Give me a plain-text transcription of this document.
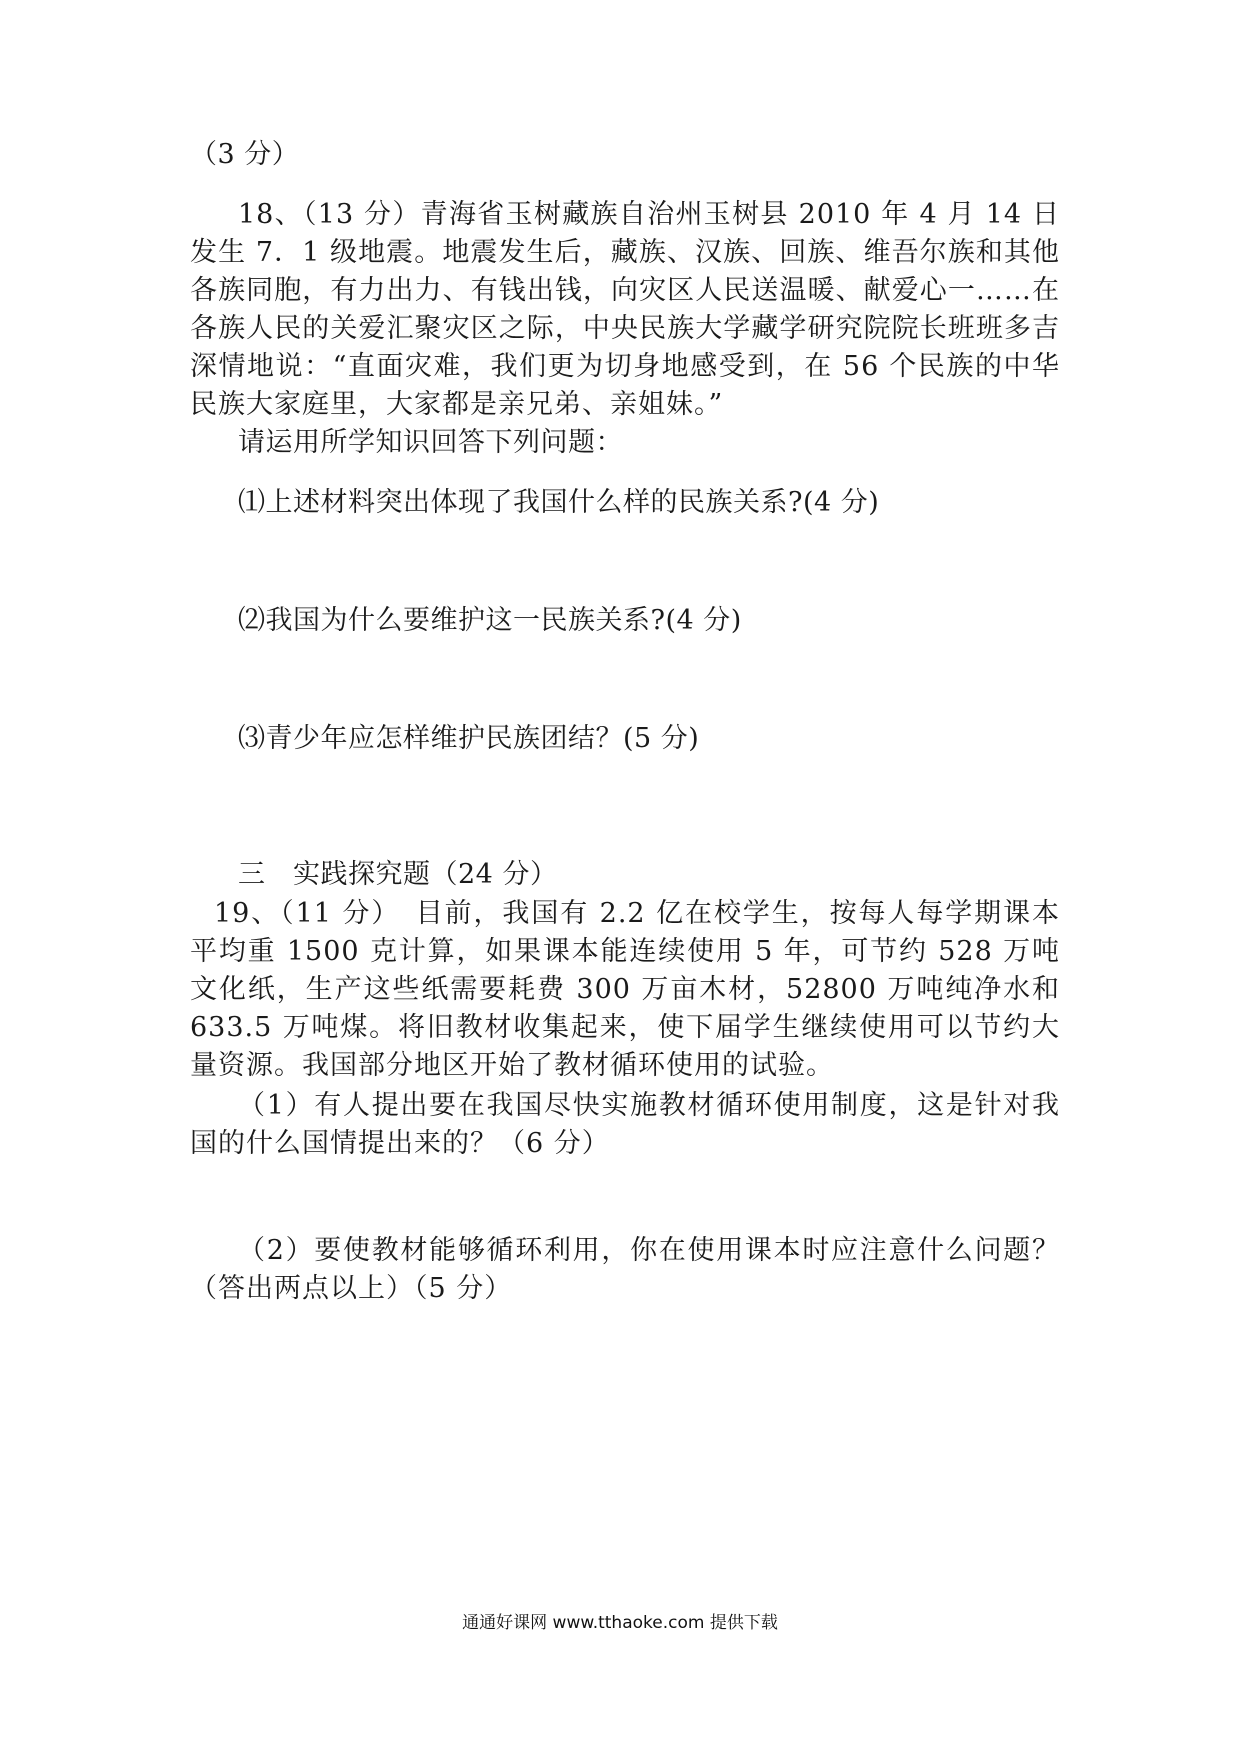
（3 分）
18、（13 分）青海省玉树藏族自治州玉树县 2010 年 4 月 14 日发生 7．1 级地震。地震发生后，藏族、汉族、回族、维吾尔族和其他各族同胞，有力出力、有钱出钱，向灾区人民送温暖、献爱心一……在各族人民的关爱汇聚灾区之际，中央民族大学藏学研究院院长班班多吉深情地说：“直面灾难，我们更为切身地感受到，在 56 个民族的中华民族大家庭里，大家都是亲兄弟、亲姐妹。”
请运用所学知识回答下列问题：
⑴上述材料突出体现了我国什么样的民族关系?(4 分)
⑵我国为什么要维护这一民族关系?(4 分)
⑶青少年应怎样维护民族团结？(5 分)
三　实践探究题（24 分）
19、（11 分）　目前，我国有 2.2 亿在校学生，按每人每学期课本平均重 1500 克计算，如果课本能连续使用 5 年，可节约 528 万吨文化纸，生产这些纸需要耗费 300 万亩木材，52800 万吨纯净水和 633.5 万吨煤。将旧教材收集起来，使下届学生继续使用可以节约大量资源。我国部分地区开始了教材循环使用的试验。
（1）有人提出要在我国尽快实施教材循环使用制度，这是针对我国的什么国情提出来的？（6 分）
（2）要使教材能够循环利用，你在使用课本时应注意什么问题？（答出两点以上）（5 分）
通通好课网 www.tthaoke.com 提供下载
